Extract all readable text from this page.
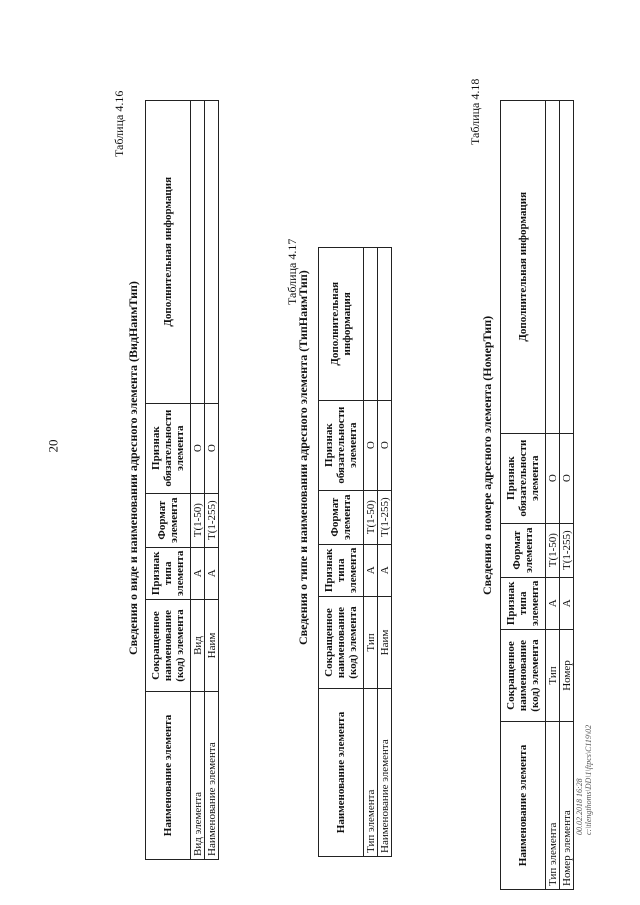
20
Таблица 4.16
Сведения о виде и наименовании адресного элемента (ВидНаимТип)
Наименование элемента	Сокращенное наименование (код) элемента	Признак типа элемента	Формат элемента	Признак обязательности элемента	Дополнительная информация
Вид элемента	Вид	А	T(1-50)	О	
Наименование элемента	Наим	А	T(1-255)	О	
Таблица 4.17
Сведения о типе и наименовании адресного элемента (ТипНаимТип)
Наименование элемента	Сокращенное наименование (код) элемента	Признак типа элемента	Формат элемента	Признак обязательности элемента	Дополнительная информация
Тип элемента	Тип	А	T(1-50)	О	
Наименование элемента	Наим	А	T(1-255)	О	
Таблица 4.18
Сведения о номере адресного элемента (НомерТип)
Наименование элемента	Сокращенное наименование (код) элемента	Признак типа элемента	Формат элемента	Признак обязательности элемента	Дополнительная информация
Тип элемента	Тип	А	T(1-50)	О	
Номер элемента	Номер	А	T(1-255)	О	
00.02.2018 16:28 c:\tlengthoms\DD\1\ftpcs\C119\02
